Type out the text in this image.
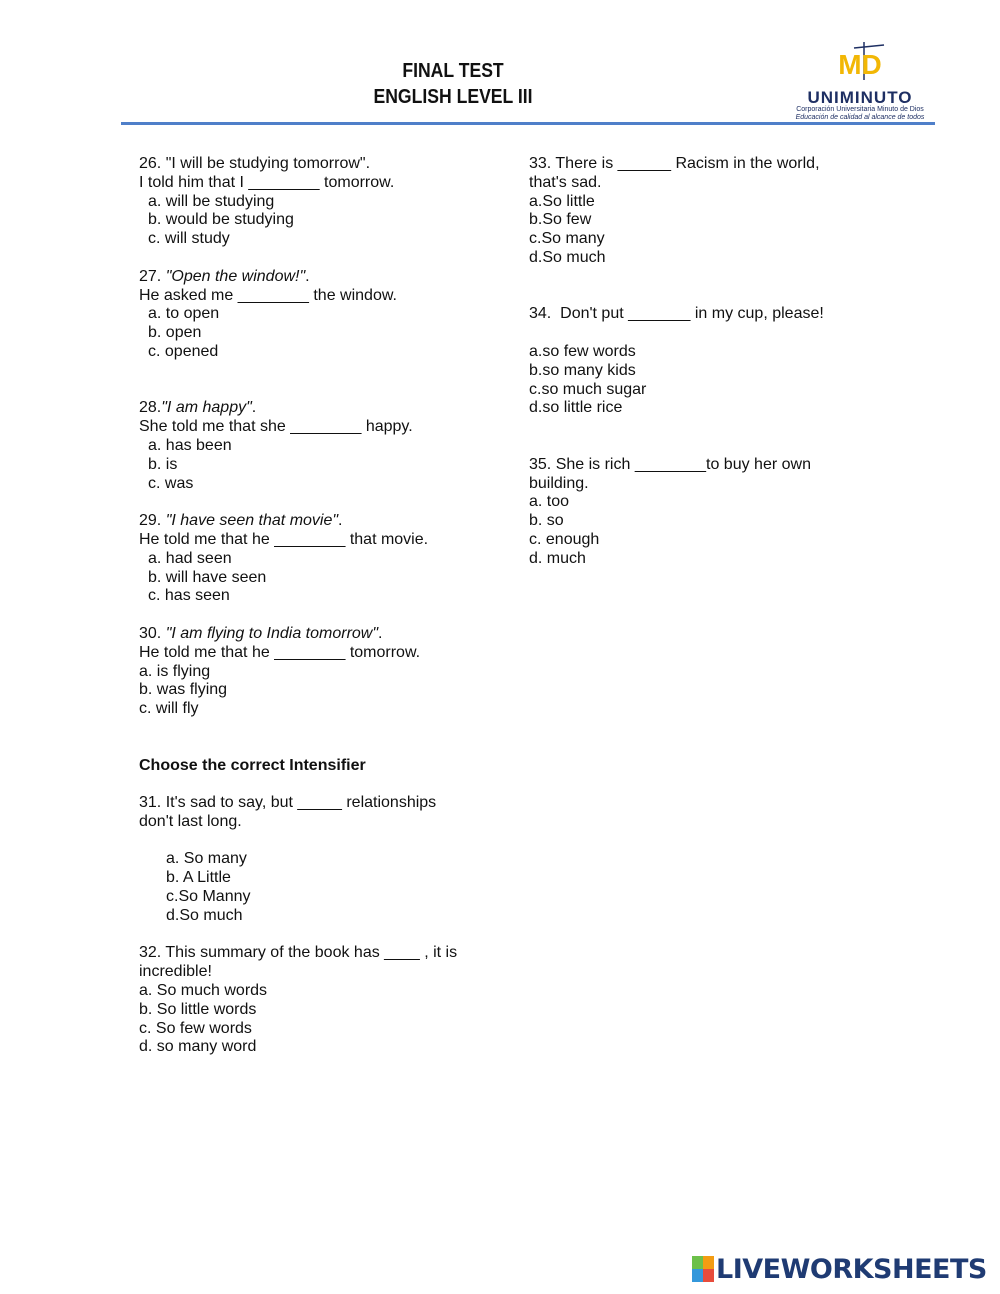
FINAL TEST
ENGLISH LEVEL III
MD
UNIMINUTO
Corporación Universitaria Minuto de Dios
Educación de calidad al alcance de todos
26. "I will be studying tomorrow".
I told him that I ________ tomorrow.
a. will be studying
b. would be studying
c. will study
27. "Open the window!".
He asked me ________ the window.
a. to open
b. open
c. opened
28."I am happy".
She told me that she ________ happy.
a. has been
b. is
c. was
29. "I have seen that movie".
He told me that he ________ that movie.
a. had seen
b. will have seen
c. has seen
30. "I am flying to India tomorrow".
He told me that he ________ tomorrow.
a. is flying
b. was flying
c. will fly
Choose the correct Intensifier
31. It's sad to say, but _____ relationships
don't last long.
a. So many
b. A Little
c.So Manny
d.So much
32. This summary of the book has ____ , it is
incredible!
a. So much words
b. So little words
c. So few words
d. so many word
33. There is ______ Racism in the world,
that's sad.
a.So little
b.So few
c.So many
d.So much
34.  Don't put _______ in my cup, please!
a.so few words
b.so many kids
c.so much sugar
d.so little rice
35. She is rich ________to buy her own
building.
a. too
b. so
c. enough
d. much
LIVEWORKSHEETS
